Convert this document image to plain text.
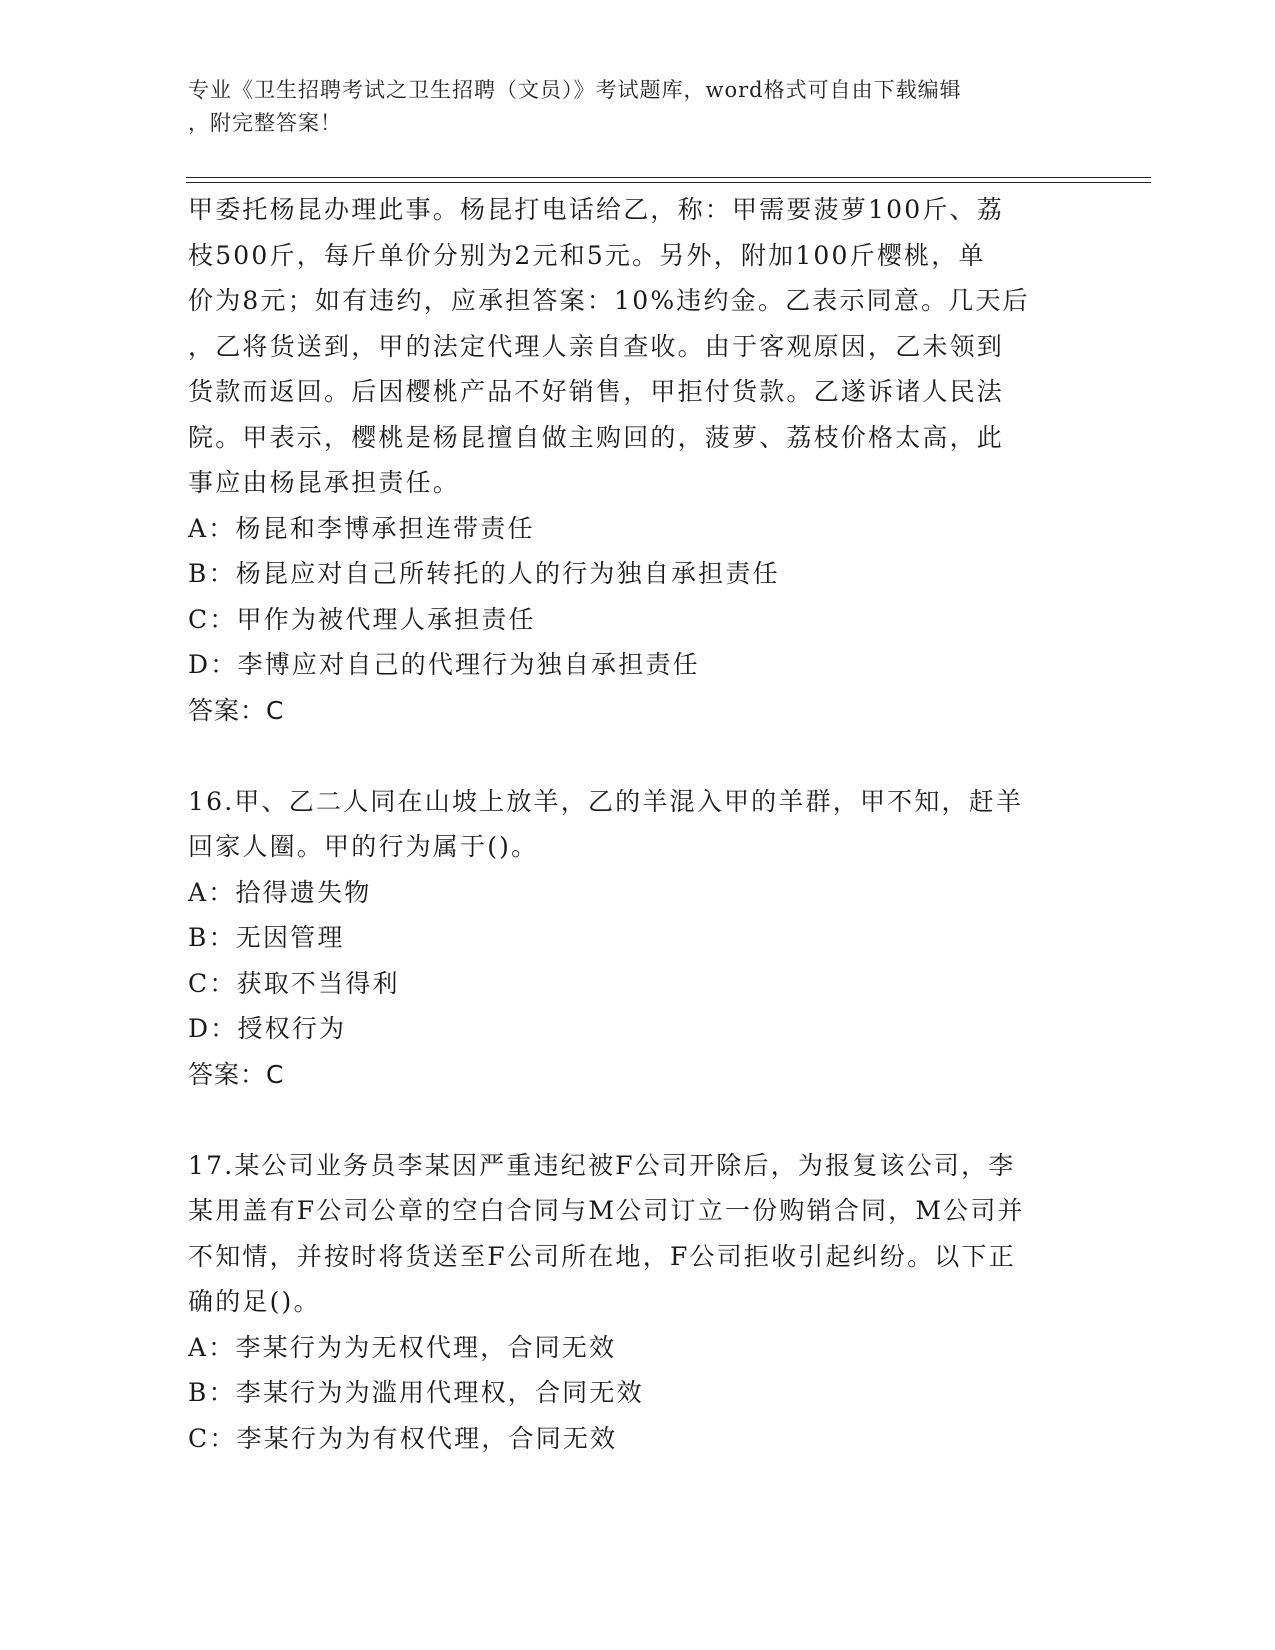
专业《卫生招聘考试之卫生招聘（文员）》考试题库，word格式可自由下载编辑
，附完整答案！

甲委托杨昆办理此事。杨昆打电话给乙，称：甲需要菠萝100斤、荔

枝500斤，每斤单价分别为2元和5元。另外，附加100斤樱桃，单

价为8元；如有违约，应承担答案：10%违约金。乙表示同意。几天后

，乙将货送到，甲的法定代理人亲自查收。由于客观原因，乙未领到

货款而返回。后因樱桃产品不好销售，甲拒付货款。乙遂诉诸人民法

院。甲表示，樱桃是杨昆擅自做主购回的，菠萝、荔枝价格太高，此

事应由杨昆承担责任。

A：杨昆和李博承担连带责任

B：杨昆应对自己所转托的人的行为独自承担责任

C：甲作为被代理人承担责任

D：李博应对自己的代理行为独自承担责任

答案：C

16.甲、乙二人同在山坡上放羊，乙的羊混入甲的羊群，甲不知，赶羊

回家人圈。甲的行为属于()。

A：拾得遗失物

B：无因管理

C：获取不当得利

D：授权行为

答案：C

17.某公司业务员李某因严重违纪被F公司开除后，为报复该公司，李

某用盖有F公司公章的空白合同与M公司订立一份购销合同，M公司并

不知情，并按时将货送至F公司所在地，F公司拒收引起纠纷。以下正

确的足()。

A：李某行为为无权代理，合同无效

B：李某行为为滥用代理权，合同无效

C：李某行为为有权代理，合同无效
